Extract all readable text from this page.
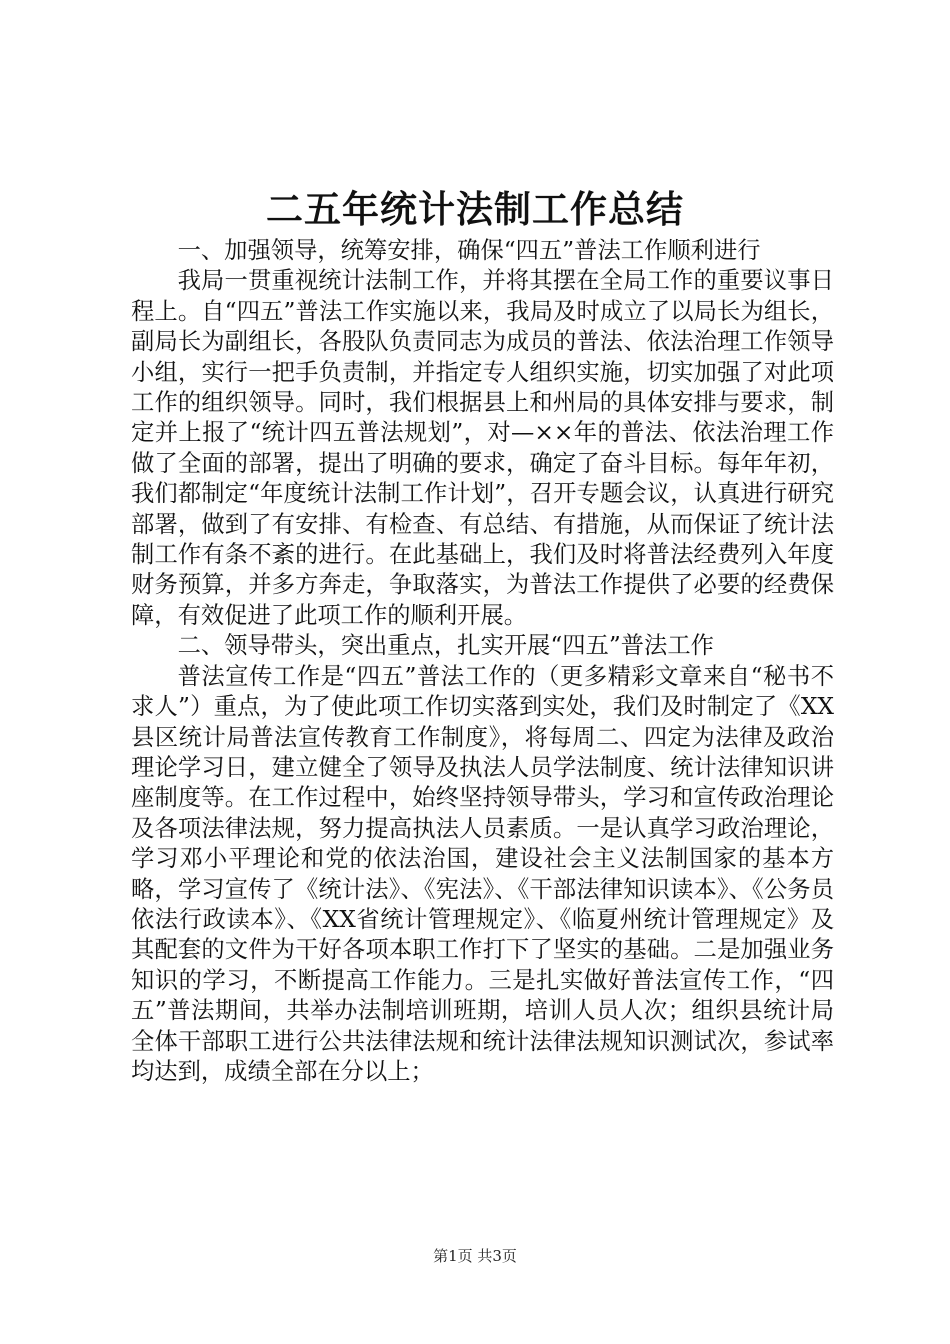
二五年统计法制工作总结

一、加强领导，统筹安排，确保“四五”普法工作顺利进行

我局一贯重视统计法制工作，并将其摆在全局工作的重要议事日程上。自“四五”普法工作实施以来，我局及时成立了以局长为组长，副局长为副组长，各股队负责同志为成员的普法、依法治理工作领导小组，实行一把手负责制，并指定专人组织实施，切实加强了对此项工作的组织领导。同时，我们根据县上和州局的具体安排与要求，制定并上报了“统计四五普法规划”，对—××年的普法、依法治理工作做了全面的部署，提出了明确的要求，确定了奋斗目标。每年年初，我们都制定“年度统计法制工作计划”，召开专题会议，认真进行研究部署，做到了有安排、有检查、有总结、有措施，从而保证了统计法制工作有条不紊的进行。在此基础上，我们及时将普法经费列入年度财务预算，并多方奔走，争取落实，为普法工作提供了必要的经费保障，有效促进了此项工作的顺利开展。

二、领导带头，突出重点，扎实开展“四五”普法工作

普法宣传工作是“四五”普法工作的（更多精彩文章来自“秘书不求人”）重点，为了使此项工作切实落到实处，我们及时制定了《XX县区统计局普法宣传教育工作制度》，将每周二、四定为法律及政治理论学习日，建立健全了领导及执法人员学法制度、统计法律知识讲座制度等。在工作过程中，始终坚持领导带头，学习和宣传政治理论及各项法律法规，努力提高执法人员素质。一是认真学习政治理论，学习邓小平理论和党的依法治国，建设社会主义法制国家的基本方略，学习宣传了《统计法》、《宪法》、《干部法律知识读本》、《公务员依法行政读本》、《XX省统计管理规定》、《临夏州统计管理规定》及其配套的文件为干好各项本职工作打下了坚实的基础。二是加强业务知识的学习，不断提高工作能力。三是扎实做好普法宣传工作，“四五”普法期间，共举办法制培训班期，培训人员人次；组织县统计局全体干部职工进行公共法律法规和统计法律法规知识测试次，参试率均达到，成绩全部在分以上；

第1页 共3页
